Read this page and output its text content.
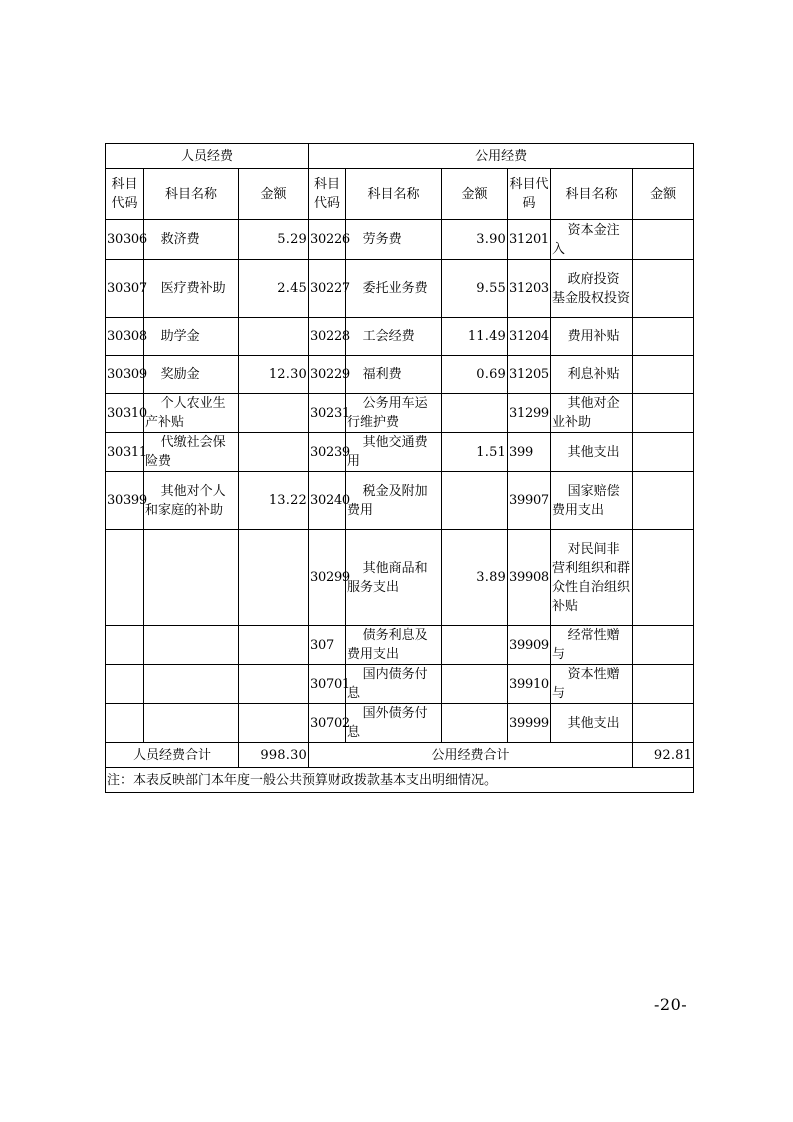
人员经费			公用经费					
科目代码	科目名称	金额	科目代码	科目名称	金额	科目代码	科目名称	金额
30306	救济费	5.29	30226	劳务费	3.90	31201	资本金注入	
30307	医疗费补助	2.45	30227	委托业务费	9.55	31203	政府投资基金股权投资	
30308	助学金		30228	工会经费	11.49	31204	费用补贴	
30309	奖励金	12.30	30229	福利费	0.69	31205	利息补贴	
30310	个人农业生产补贴		30231	公务用车运行维护费		31299	其他对企业补助	
30311	代缴社会保险费		30239	其他交通费用	1.51	399	其他支出	
30399	其他对个人和家庭的补助	13.22	30240	税金及附加费用		39907	国家赔偿费用支出	
			30299	其他商品和服务支出	3.89	39908	对民间非营利组织和群众性自治组织补贴	
			307	债务利息及费用支出		39909	经常性赠与	
			30701	国内债务付息		39910	资本性赠与	
			30702	国外债务付息		39999	其他支出	
人员经费合计		998.30	公用经费合计					92.81
注：本表反映部门本年度一般公共预算财政拨款基本支出明细情况。								
-20-
